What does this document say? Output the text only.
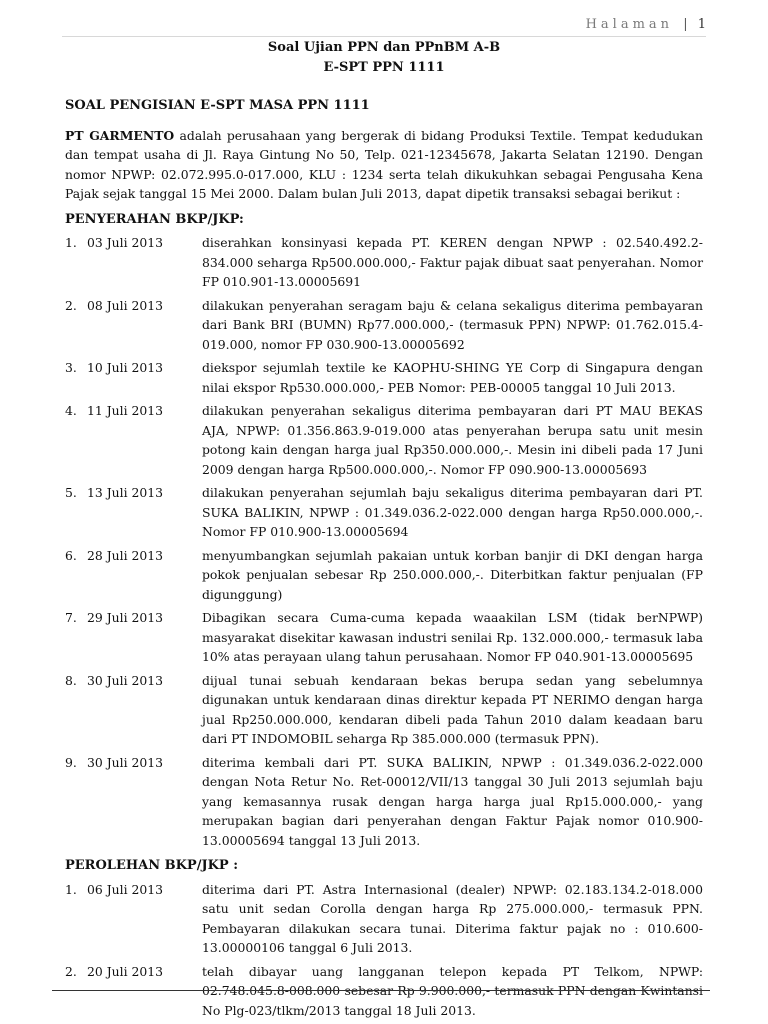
Halaman | 1
Soal Ujian PPN dan PPnBM A-B
E-SPT PPN 1111

SOAL PENGISIAN E-SPT MASA PPN 1111

PT GARMENTO adalah perusahaan yang bergerak di bidang Produksi Textile. Tempat kedudukan dan tempat usaha di Jl. Raya Gintung No 50, Telp. 021-12345678, Jakarta Selatan 12190. Dengan nomor NPWP: 02.072.995.0-017.000, KLU : 1234 serta telah dikukuhkan sebagai Pengusaha Kena Pajak sejak tanggal 15 Mei 2000. Dalam bulan Juli 2013, dapat dipetik transaksi sebagai berikut :

PENYERAHAN BKP/JKP:

1. 03 Juli 2013	diserahkan konsinyasi kepada PT. KEREN dengan NPWP : 02.540.492.2-834.000 seharga Rp500.000.000,- Faktur pajak dibuat saat penyerahan. Nomor FP 010.901-13.00005691
2. 08 Juli 2013	dilakukan penyerahan seragam baju & celana sekaligus diterima pembayaran dari Bank BRI (BUMN) Rp77.000.000,- (termasuk PPN) NPWP: 01.762.015.4-019.000, nomor FP 030.900-13.00005692
3. 10 Juli 2013	diekspor sejumlah textile ke KAOPHU-SHING YE Corp di Singapura dengan nilai ekspor Rp530.000.000,- PEB Nomor: PEB-00005 tanggal 10 Juli 2013.
4. 11 Juli 2013	dilakukan penyerahan sekaligus diterima pembayaran dari PT MAU BEKAS AJA, NPWP: 01.356.863.9-019.000 atas penyerahan berupa satu unit mesin potong kain dengan harga jual Rp350.000.000,-. Mesin ini dibeli pada 17 Juni 2009 dengan harga Rp500.000.000,-. Nomor FP 090.900-13.00005693
5. 13 Juli 2013	dilakukan penyerahan sejumlah baju sekaligus diterima pembayaran dari PT. SUKA BALIKIN, NPWP : 01.349.036.2-022.000 dengan harga Rp50.000.000,-. Nomor FP 010.900-13.00005694
6. 28 Juli 2013	menyumbangkan sejumlah pakaian untuk korban banjir di DKI dengan harga pokok penjualan sebesar Rp 250.000.000,-. Diterbitkan faktur penjualan (FP digunggung)
7. 29 Juli 2013	Dibagikan secara Cuma-cuma kepada waaakilan LSM (tidak berNPWP) masyarakat disekitar kawasan industri senilai Rp. 132.000.000,- termasuk laba 10% atas perayaan ulang tahun perusahaan. Nomor FP 040.901-13.00005695
8. 30 Juli 2013	dijual tunai sebuah kendaraan bekas berupa sedan yang sebelumnya digunakan untuk kendaraan dinas direktur kepada PT NERIMO dengan harga jual Rp250.000.000, kendaran dibeli pada Tahun 2010 dalam keadaan baru dari PT INDOMOBIL seharga Rp 385.000.000 (termasuk PPN).
9. 30 Juli 2013	diterima kembali dari PT. SUKA BALIKIN, NPWP : 01.349.036.2-022.000 dengan Nota Retur No. Ret-00012/VII/13 tanggal 30 Juli 2013 sejumlah baju yang kemasannya rusak dengan harga harga jual Rp15.000.000,- yang merupakan bagian dari penyerahan dengan Faktur Pajak nomor 010.900-13.00005694 tanggal 13 Juli 2013.

PEROLEHAN BKP/JKP :

1. 06 Juli 2013	diterima dari PT. Astra Internasional (dealer) NPWP: 02.183.134.2-018.000 satu unit sedan Corolla dengan harga Rp 275.000.000,- termasuk PPN. Pembayaran dilakukan secara tunai. Diterima faktur pajak no : 010.600-13.00000106 tanggal 6 Juli 2013.
2. 20 Juli 2013	telah dibayar uang langganan telepon kepada PT Telkom, NPWP: 02.748.045.8-008.000 sebesar Rp 9.900.000,- termasuk PPN dengan Kwintansi No Plg-023/tlkm/2013 tanggal 18 Juli 2013.
